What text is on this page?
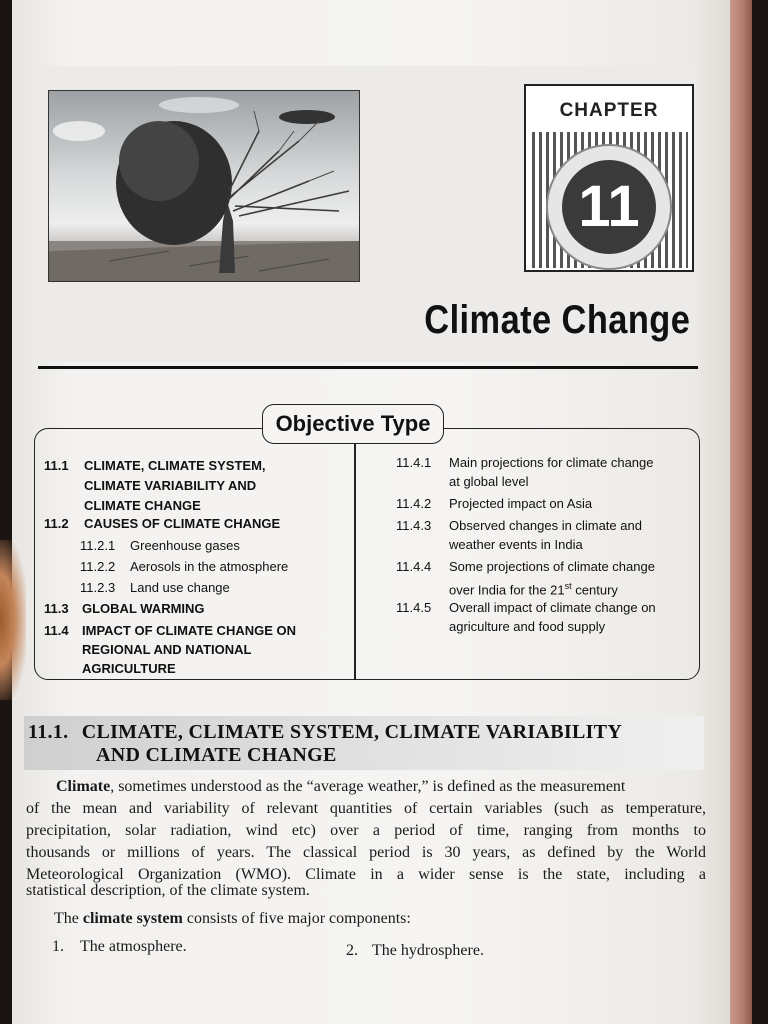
CHAPTER
11
Climate Change
Objective Type
11.1 CLIMATE, CLIMATE SYSTEM,
CLIMATE VARIABILITY AND
CLIMATE CHANGE
11.2 CAUSES OF CLIMATE CHANGE
11.2.1 Greenhouse gases
11.2.2 Aerosols in the atmosphere
11.2.3 Land use change
11.3 GLOBAL WARMING
11.4 IMPACT OF CLIMATE CHANGE ON
REGIONAL AND NATIONAL
AGRICULTURE
11.4.1 Main projections for climate change
at global level
11.4.2 Projected impact on Asia
11.4.3 Observed changes in climate and
weather events in India
11.4.4 Some projections of climate change
over India for the 21st century
11.4.5 Overall impact of climate change on
agriculture and food supply
11.1. CLIMATE, CLIMATE SYSTEM, CLIMATE VARIABILITY
AND CLIMATE CHANGE
Climate, sometimes understood as the “average weather,” is defined as the measurement
of the mean and variability of relevant quantities of certain variables (such as temperature,
precipitation, solar radiation, wind etc) over a period of time, ranging from months to
thousands or millions of years. The classical period is 30 years, as defined by the World
Meteorological Organization (WMO). Climate in a wider sense is the state, including a
statistical description, of the climate system.
The climate system consists of five major components:
1. The atmosphere.	2. The hydrosphere.
